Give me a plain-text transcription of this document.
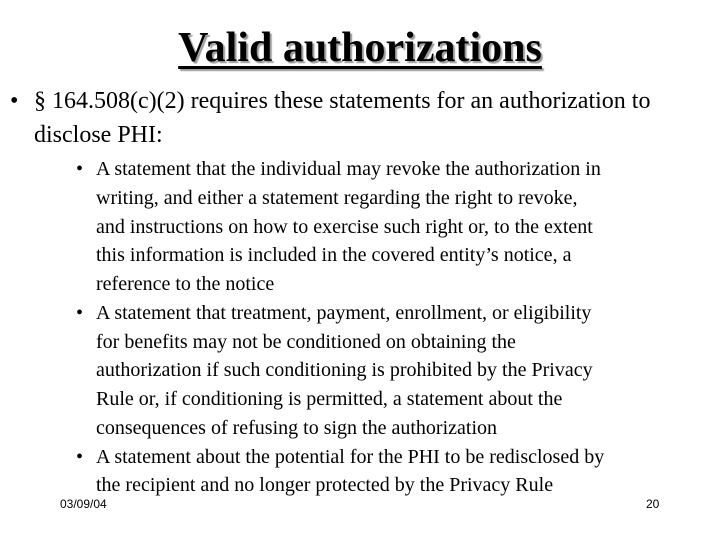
Valid authorizations
• § 164.508(c)(2) requires these statements for an authorization to disclose PHI:
• A statement that the individual may revoke the authorization in
writing, and either a statement regarding the right to revoke,
and instructions on how to exercise such right or, to the extent
this information is included in the covered entity’s notice, a
reference to the notice
• A statement that treatment, payment, enrollment, or eligibility
for benefits may not be conditioned on obtaining the
authorization if such conditioning is prohibited by the Privacy
Rule or, if conditioning is permitted, a statement about the
consequences of refusing to sign the authorization
• A statement about the potential for the PHI to be redisclosed by
the recipient and no longer protected by the Privacy Rule
03/09/04	20
